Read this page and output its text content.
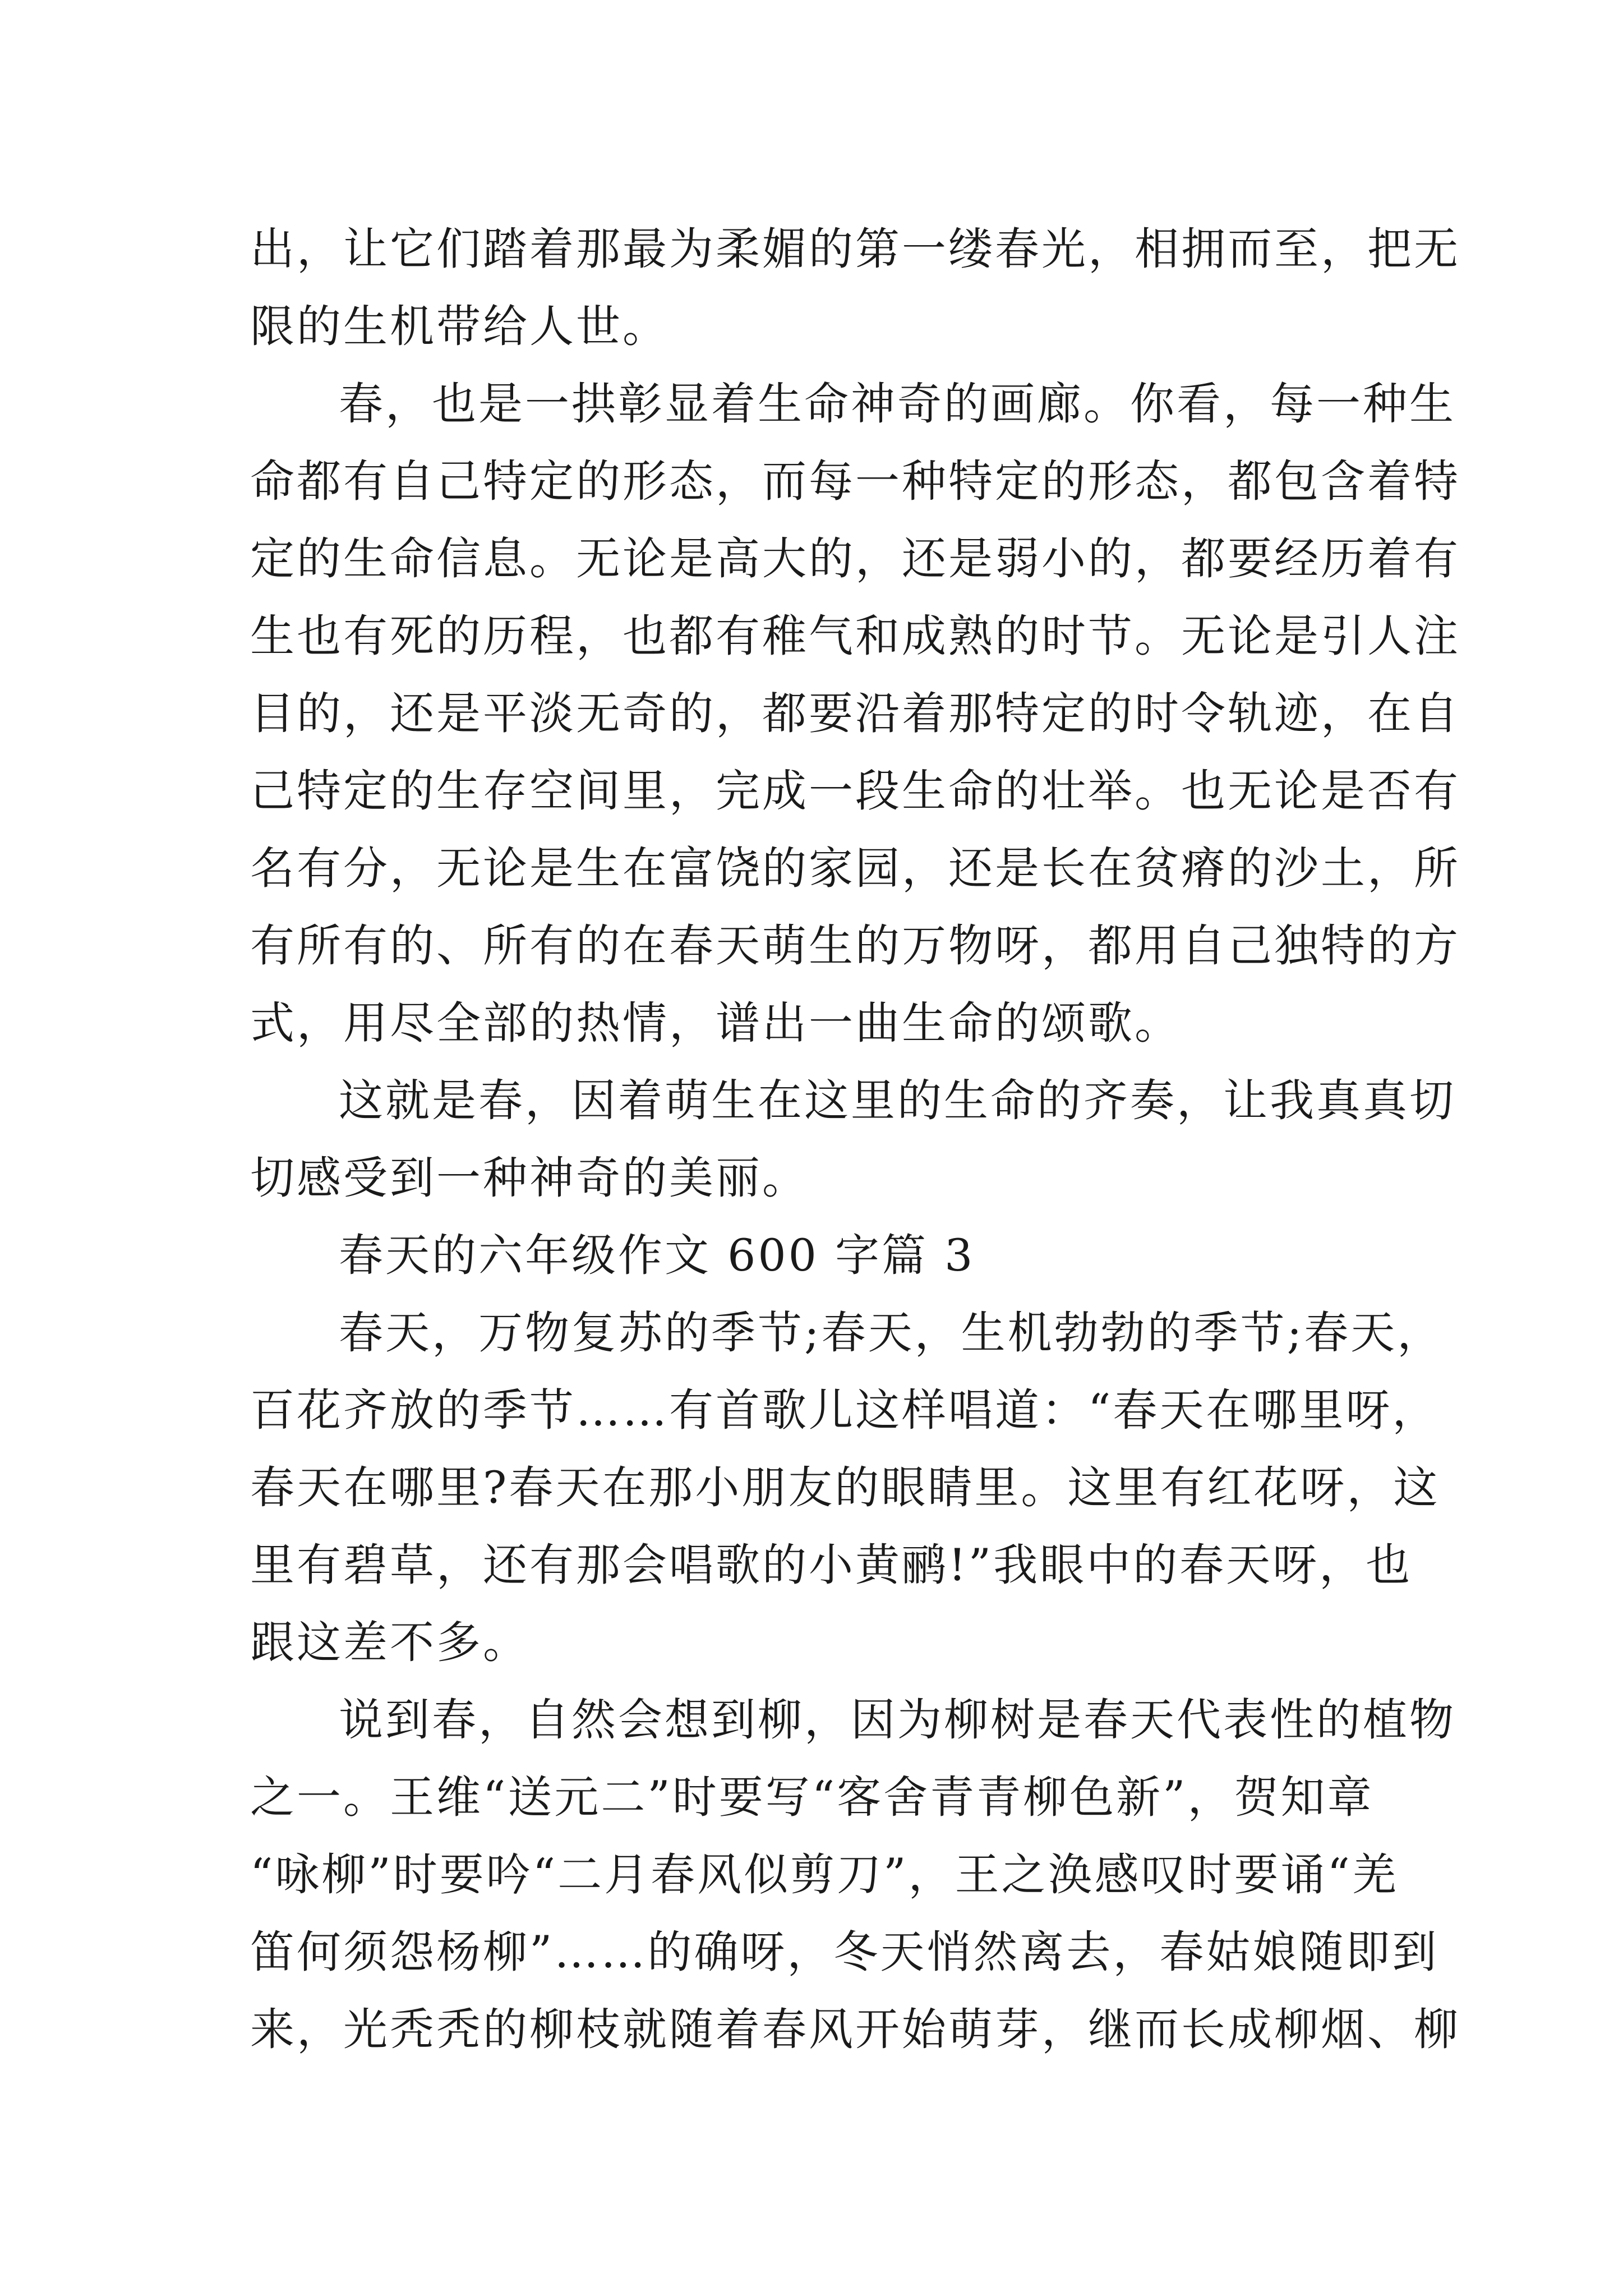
出，让它们踏着那最为柔媚的第一缕春光，相拥而至，把无
限的生机带给人世。
春，也是一拱彰显着生命神奇的画廊。你看，每一种生
命都有自己特定的形态，而每一种特定的形态，都包含着特
定的生命信息。无论是高大的，还是弱小的，都要经历着有
生也有死的历程，也都有稚气和成熟的时节。无论是引人注
目的，还是平淡无奇的，都要沿着那特定的时令轨迹，在自
己特定的生存空间里，完成一段生命的壮举。也无论是否有
名有分，无论是生在富饶的家园，还是长在贫瘠的沙土，所
有所有的、所有的在春天萌生的万物呀，都用自己独特的方
式，用尽全部的热情，谱出一曲生命的颂歌。
这就是春，因着萌生在这里的生命的齐奏，让我真真切
切感受到一种神奇的美丽。
春天的六年级作文 600 字篇 3
春天，万物复苏的季节;春天，生机勃勃的季节;春天，
百花齐放的季节……有首歌儿这样唱道：“春天在哪里呀，
春天在哪里?春天在那小朋友的眼睛里。这里有红花呀，这
里有碧草，还有那会唱歌的小黄鹂!”我眼中的春天呀，也
跟这差不多。
说到春，自然会想到柳，因为柳树是春天代表性的植物
之一。王维“送元二”时要写“客舍青青柳色新”，贺知章
“咏柳”时要吟“二月春风似剪刀”，王之涣感叹时要诵“羌
笛何须怨杨柳”……的确呀，冬天悄然离去，春姑娘随即到
来，光秃秃的柳枝就随着春风开始萌芽，继而长成柳烟、柳
